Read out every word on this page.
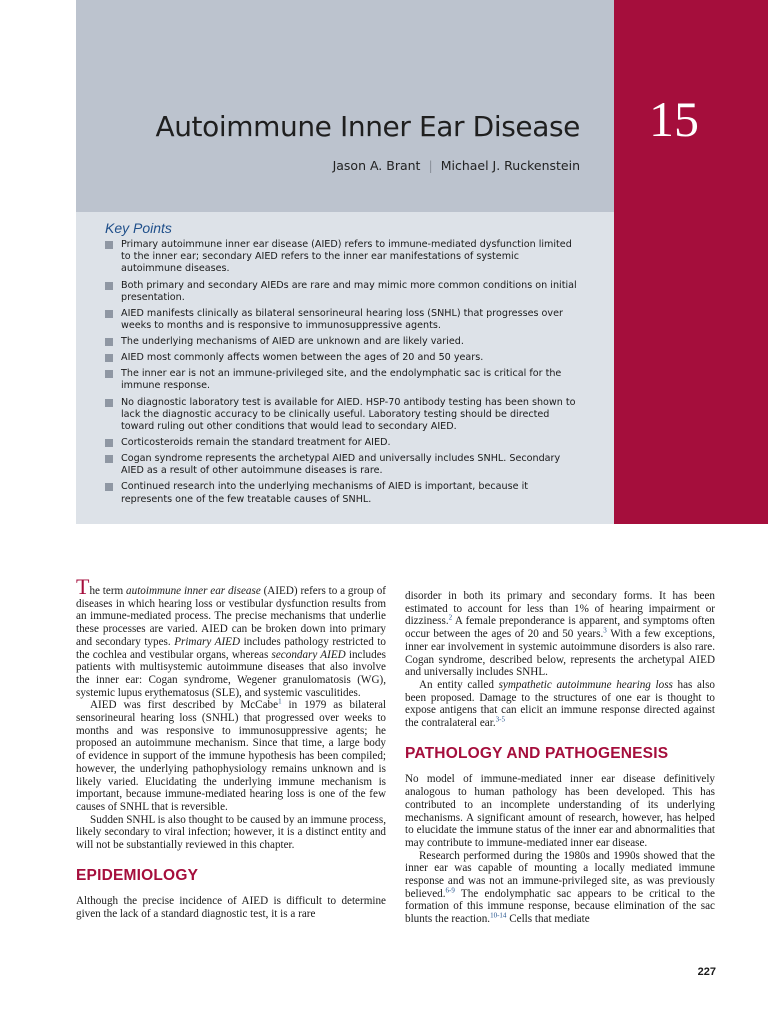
15
Autoimmune Inner Ear Disease
Jason A. Brant | Michael J. Ruckenstein
Key Points
Primary autoimmune inner ear disease (AIED) refers to immune-mediated dysfunction limited to the inner ear; secondary AIED refers to the inner ear manifestations of systemic autoimmune diseases.
Both primary and secondary AIEDs are rare and may mimic more common conditions on initial presentation.
AIED manifests clinically as bilateral sensorineural hearing loss (SNHL) that progresses over weeks to months and is responsive to immunosuppressive agents.
The underlying mechanisms of AIED are unknown and are likely varied.
AIED most commonly affects women between the ages of 20 and 50 years.
The inner ear is not an immune-privileged site, and the endolymphatic sac is critical for the immune response.
No diagnostic laboratory test is available for AIED. HSP-70 antibody testing has been shown to lack the diagnostic accuracy to be clinically useful. Laboratory testing should be directed toward ruling out other conditions that would lead to secondary AIED.
Corticosteroids remain the standard treatment for AIED.
Cogan syndrome represents the archetypal AIED and universally includes SNHL. Secondary AIED as a result of other autoimmune diseases is rare.
Continued research into the underlying mechanisms of AIED is important, because it represents one of the few treatable causes of SNHL.

The term autoimmune inner ear disease (AIED) refers to a group of diseases in which hearing loss or vestibular dysfunction results from an immune-mediated process. The precise mechanisms that underlie these processes are varied. AIED can be broken down into primary and secondary types. Primary AIED includes pathology restricted to the cochlea and vestibular organs, whereas secondary AIED includes patients with multisystemic autoimmune diseases that also involve the inner ear: Cogan syndrome, Wegener granulomatosis (WG), systemic lupus erythematosus (SLE), and systemic vasculitides.

AIED was first described by McCabe$^1$ in 1979 as bilateral sensorineural hearing loss (SNHL) that progressed over weeks to months and was responsive to immunosuppressive agents; he proposed an autoimmune mechanism. Since that time, a large body of evidence in support of the immune hypothesis has been compiled; however, the underlying pathophysiology remains unknown and is likely varied. Elucidating the underlying immune mechanism is important, because immune-mediated hearing loss is one of the few causes of SNHL that is reversible.

Sudden SNHL is also thought to be caused by an immune process, likely secondary to viral infection; however, it is a distinct entity and will not be substantially reviewed in this chapter.

EPIDEMIOLOGY

Although the precise incidence of AIED is difficult to determine given the lack of a standard diagnostic test, it is a rare

disorder in both its primary and secondary forms. It has been estimated to account for less than 1% of hearing impairment or dizziness.$^2$ A female preponderance is apparent, and symptoms often occur between the ages of 20 and 50 years.$^3$ With a few exceptions, inner ear involvement in systemic autoimmune disorders is also rare. Cogan syndrome, described below, represents the archetypal AIED and universally includes SNHL.

An entity called sympathetic autoimmune hearing loss has also been proposed. Damage to the structures of one ear is thought to expose antigens that can elicit an immune response directed against the contralateral ear.$^{3-5}$

PATHOLOGY AND PATHOGENESIS

No model of immune-mediated inner ear disease definitively analogous to human pathology has been developed. This has contributed to an incomplete understanding of its underlying mechanisms. A significant amount of research, however, has helped to elucidate the immune status of the inner ear and abnormalities that may contribute to immune-mediated inner ear disease.

Research performed during the 1980s and 1990s showed that the inner ear was capable of mounting a locally mediated immune response and was not an immune-privileged site, as was previously believed.$^{6-9}$ The endolymphatic sac appears to be critical to the formation of this immune response, because elimination of the sac blunts the reaction.$^{10-14}$ Cells that mediate

227
